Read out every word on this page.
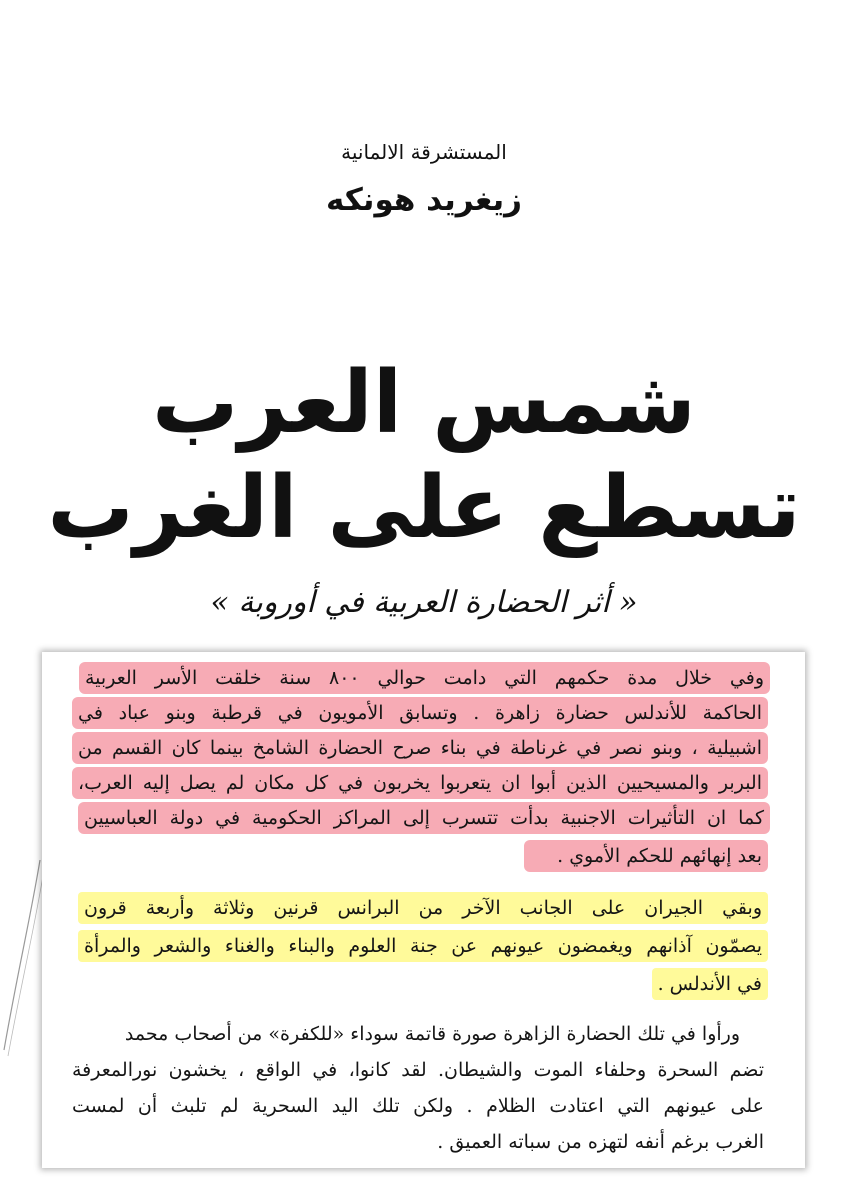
المستشرقة الالمانية
زيغريد هونكه
شمس العرب
تسطع على الغرب
« أثر الحضارة العربية في أوروبة »
وفي خلال مدة حكمهم التي دامت حوالي ٨٠٠ سنة خلقت الأسر العربية
الحاكمة للأندلس حضارة زاهرة . وتسابق الأمويون في قرطبة وبنو عباد في
اشبيلية ، وبنو نصر في غرناطة في بناء صرح الحضارة الشامخ بينما كان القسم من
البربر والمسيحيين الذين أبوا ان يتعربوا يخربون في كل مكان لم يصل إليه العرب،
كما ان التأثيرات الاجنبية بدأت تتسرب إلى المراكز الحكومية في دولة العباسيين
بعد إنهائهم للحكم الأموي .
وبقي الجيران على الجانب الآخر من البرانس قرنين وثلاثة وأربعة قرون
يصمّون آذانهم ويغمضون عيونهم عن جنة العلوم والبناء والغناء والشعر والمرأة
في الأندلس .
ورأوا في تلك الحضارة الزاهرة صورة قاتمة سوداء «للكفرة» من أصحاب محمد
تضم السحرة وحلفاء الموت والشيطان. لقد كانوا، في الواقع ، يخشون نورالمعرفة
على عيونهم التي اعتادت الظلام . ولكن تلك اليد السحرية لم تلبث أن لمست
الغرب برغم أنفه لتهزه من سباته العميق .
